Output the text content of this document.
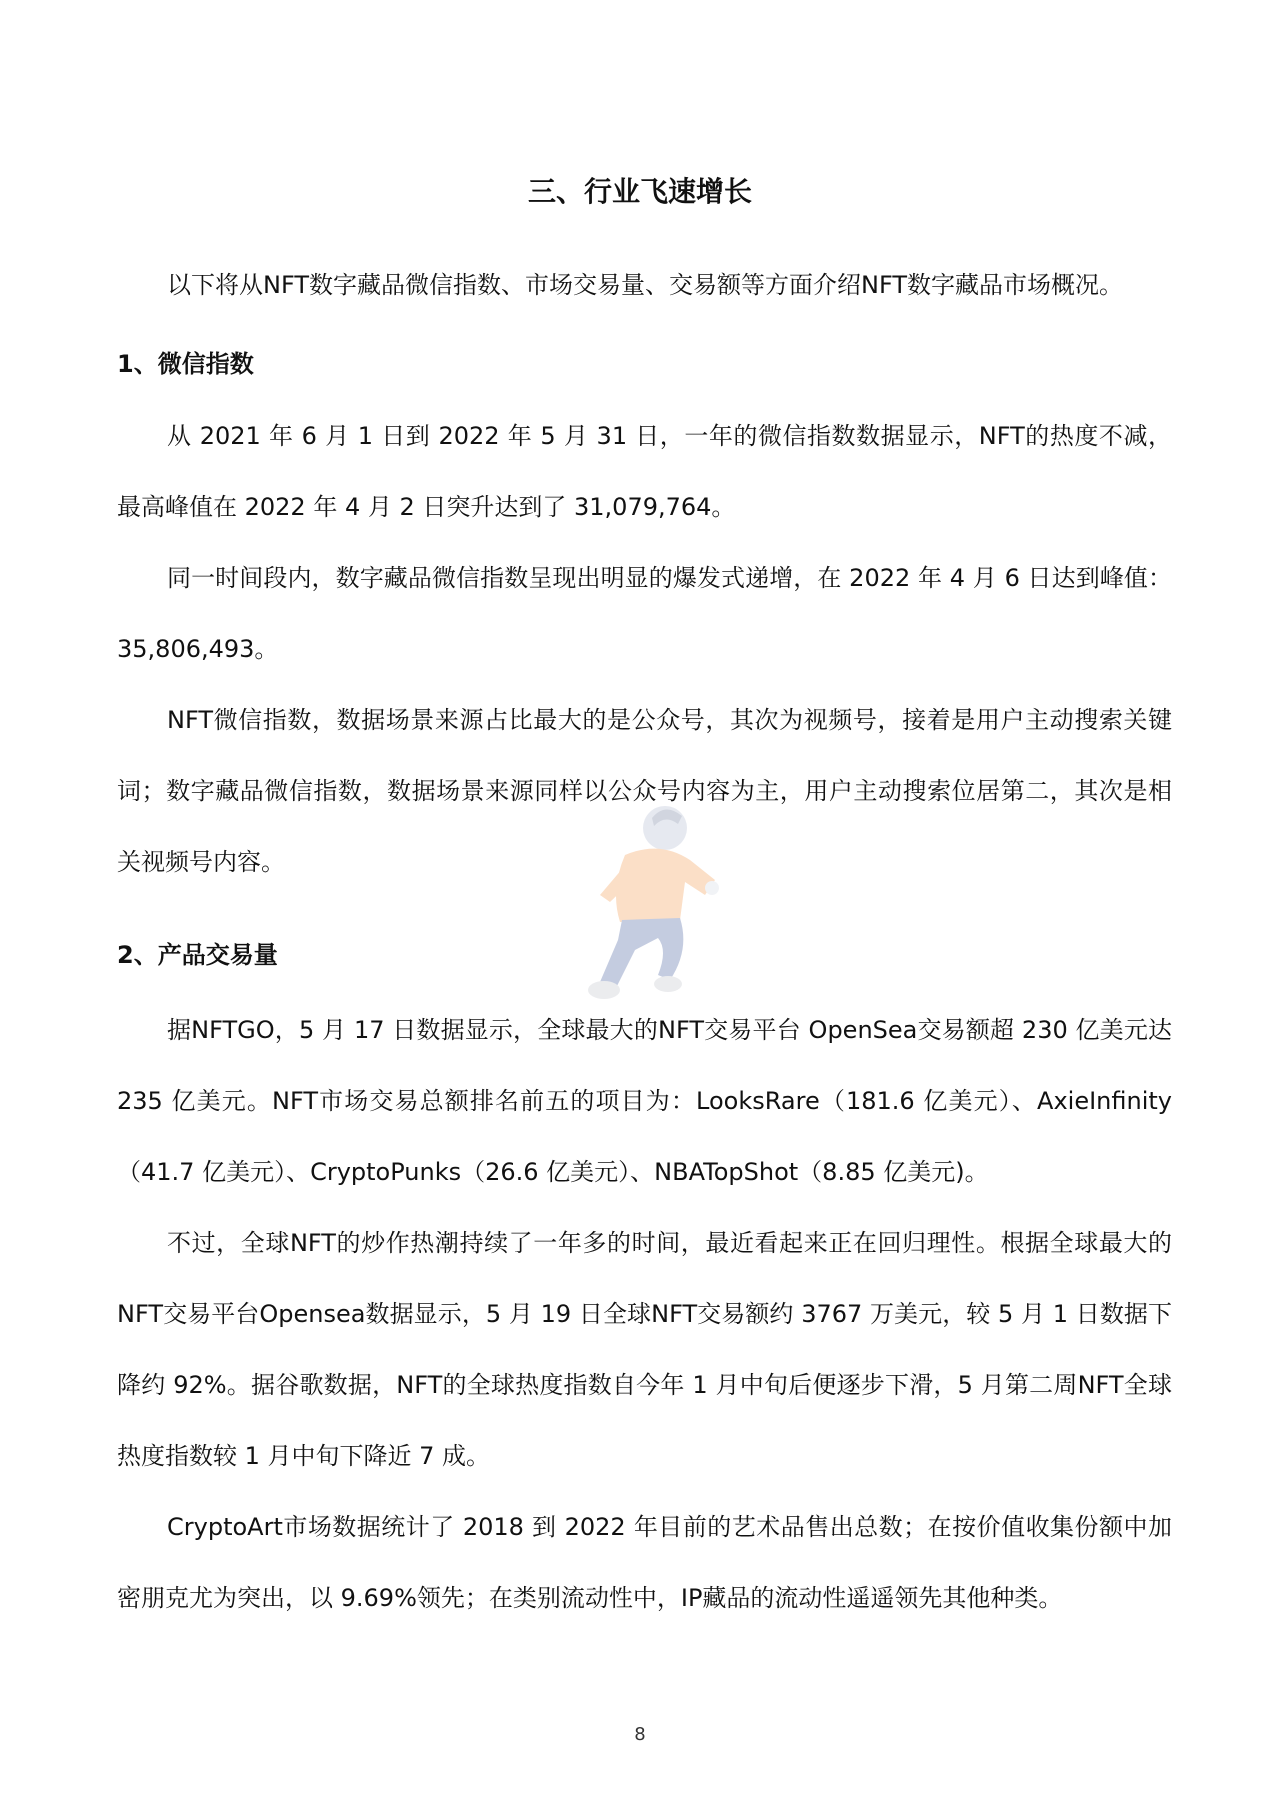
三、行业飞速增长
以下将从NFT数字藏品微信指数、市场交易量、交易额等方面介绍NFT数字藏品市场概况。
1、微信指数
从 2021 年 6 月 1 日到 2022 年 5 月 31 日，一年的微信指数数据显示，NFT的热度不减，最高峰值在 2022 年 4 月 2 日突升达到了 31,079,764。
同一时间段内，数字藏品微信指数呈现出明显的爆发式递增，在 2022 年 4 月 6 日达到峰值：35,806,493。
NFT微信指数，数据场景来源占比最大的是公众号，其次为视频号，接着是用户主动搜索关键词；数字藏品微信指数，数据场景来源同样以公众号内容为主，用户主动搜索位居第二，其次是相关视频号内容。
2、产品交易量
据NFTGO，5 月 17 日数据显示，全球最大的NFT交易平台 OpenSea交易额超 230 亿美元达 235 亿美元。NFT市场交易总额排名前五的项目为：LooksRare（181.6 亿美元）、AxieInfinity（41.7 亿美元）、CryptoPunks（26.6 亿美元）、NBATopShot（8.85 亿美元)。
不过，全球NFT的炒作热潮持续了一年多的时间，最近看起来正在回归理性。根据全球最大的NFT交易平台Opensea数据显示，5 月 19 日全球NFT交易额约 3767 万美元，较 5 月 1 日数据下降约 92%。据谷歌数据，NFT的全球热度指数自今年 1 月中旬后便逐步下滑，5 月第二周NFT全球热度指数较 1 月中旬下降近 7 成。
CryptoArt市场数据统计了 2018 到 2022 年目前的艺术品售出总数；在按价值收集份额中加密朋克尤为突出，以 9.69%领先；在类别流动性中，IP藏品的流动性遥遥领先其他种类。
8
